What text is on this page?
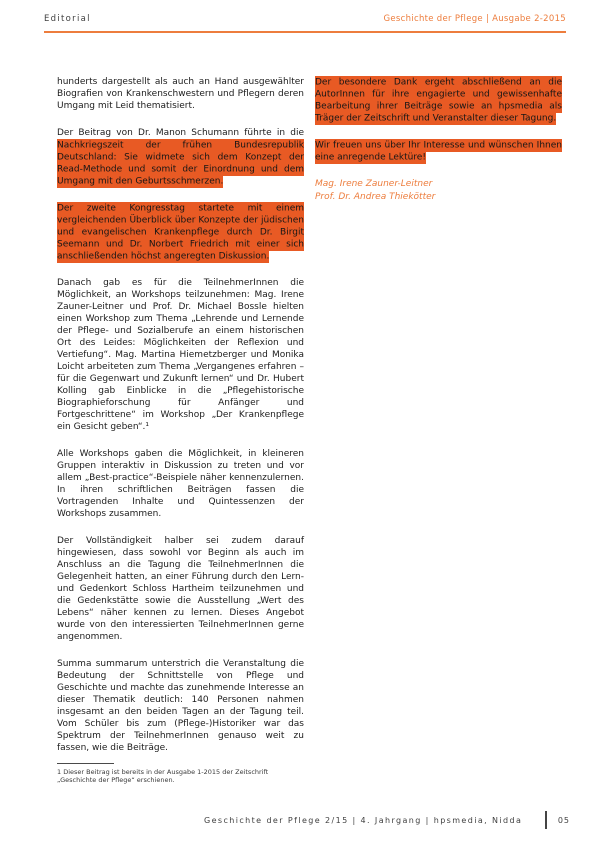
Editorial	Geschichte der Pflege | Ausgabe 2-2015

hunderts dargestellt als auch an Hand ausgewählter Biografien von Krankenschwestern und Pflegern deren Umgang mit Leid thematisiert.

Der Beitrag von Dr. Manon Schumann führte in die Nachkriegszeit der frühen Bundesrepublik Deutschland: Sie widmete sich dem Konzept der Read-Methode und somit der Einordnung und dem Umgang mit den Geburtsschmerzen.

Der zweite Kongresstag startete mit einem vergleichenden Überblick über Konzepte der jüdischen und evangelischen Krankenpflege durch Dr. Birgit Seemann und Dr. Norbert Friedrich mit einer sich anschließenden höchst angeregten Diskussion.

Danach gab es für die TeilnehmerInnen die Möglichkeit, an Workshops teilzunehmen: Mag. Irene Zauner-Leitner und Prof. Dr. Michael Bossle hielten einen Workshop zum Thema „Lehrende und Lernende der Pflege- und Sozialberufe an einem historischen Ort des Leides: Möglichkeiten der Reflexion und Vertiefung“. Mag. Martina Hiemetzberger und Monika Loicht arbeiteten zum Thema „Vergangenes erfahren – für die Gegenwart und Zukunft lernen“ und Dr. Hubert Kolling gab Einblicke in die „Pflegehistorische Biographieforschung für Anfänger und Fortgeschrittene“ im Workshop „Der Krankenpflege ein Gesicht geben“.¹

Alle Workshops gaben die Möglichkeit, in kleineren Gruppen interaktiv in Diskussion zu treten und vor allem „Best-practice“-Beispiele näher kennenzulernen. In ihren schriftlichen Beiträgen fassen die Vortragenden Inhalte und Quintessenzen der Workshops zusammen.

Der Vollständigkeit halber sei zudem darauf hingewiesen, dass sowohl vor Beginn als auch im Anschluss an die Tagung die TeilnehmerInnen die Gelegenheit hatten, an einer Führung durch den Lern- und Gedenkort Schloss Hartheim teilzunehmen und die Gedenkstätte sowie die Ausstellung „Wert des Lebens“ näher kennen zu lernen. Dieses Angebot wurde von den interessierten TeilnehmerInnen gerne angenommen.

Summa summarum unterstrich die Veranstaltung die Bedeutung der Schnittstelle von Pflege und Geschichte und machte das zunehmende Interesse an dieser Thematik deutlich: 140 Personen nahmen insgesamt an den beiden Tagen an der Tagung teil. Vom Schüler bis zum (Pflege-)Historiker war das Spektrum der TeilnehmerInnen genauso weit zu fassen, wie die Beiträge.

Der besondere Dank ergeht abschließend an die AutorInnen für ihre engagierte und gewissenhafte Bearbeitung ihrer Beiträge sowie an hpsmedia als Träger der Zeitschrift und Veranstalter dieser Tagung.

Wir freuen uns über Ihr Interesse und wünschen Ihnen eine anregende Lektüre!

Mag. Irene Zauner-Leitner
Prof. Dr. Andrea Thiekötter
1 Dieser Beitrag ist bereits in der Ausgabe 1-2015 der Zeitschrift „Geschichte der Pflege“ erschienen.
Geschichte der Pflege 2/15 | 4. Jahrgang | hpsmedia, Nidda	05
